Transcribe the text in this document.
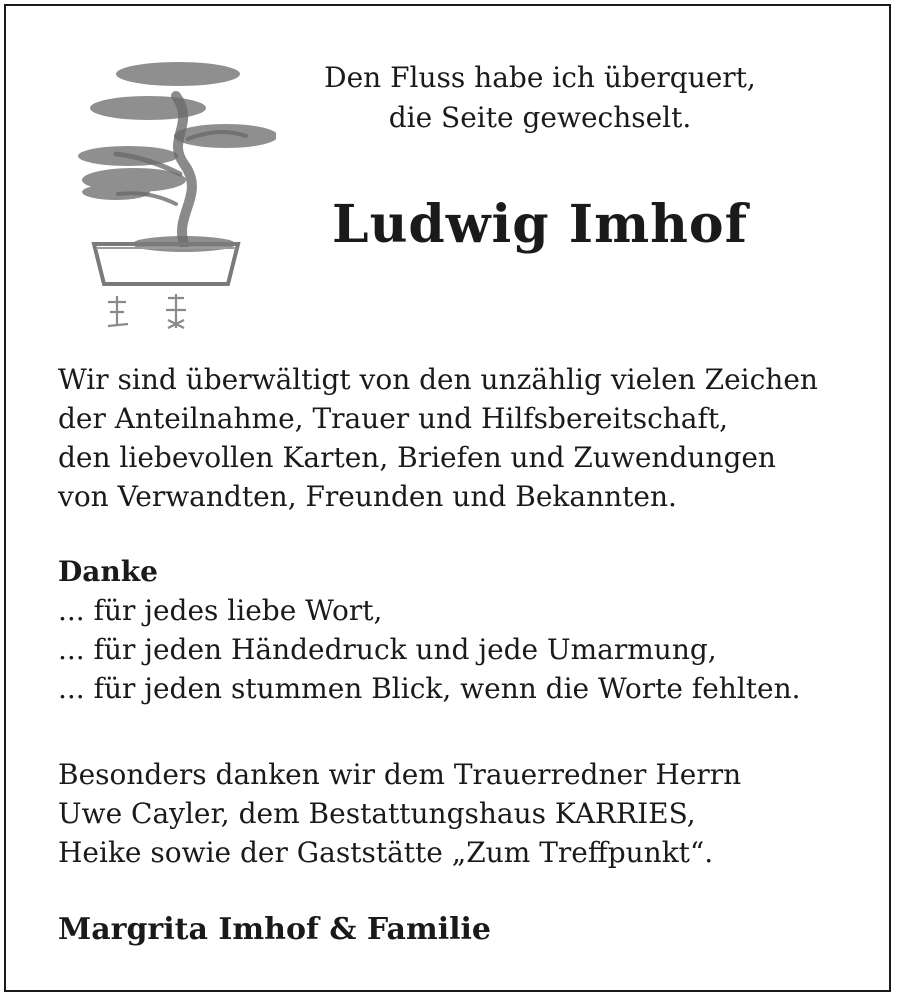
Den Fluss habe ich überquert,
die Seite gewechselt.
Ludwig Imhof
Wir sind überwältigt von den unzählig vielen Zeichen
der Anteilnahme, Trauer und Hilfsbereitschaft,
den liebevollen Karten, Briefen und Zuwendungen
von Verwandten, Freunden und Bekannten.
Danke
... für jedes liebe Wort,
... für jeden Händedruck und jede Umarmung,
... für jeden stummen Blick, wenn die Worte fehlten.
Besonders danken wir dem Trauerredner Herrn
Uwe Cayler, dem Bestattungshaus KARRIES,
Heike sowie der Gaststätte „Zum Treffpunkt“.
Margrita Imhof & Familie
